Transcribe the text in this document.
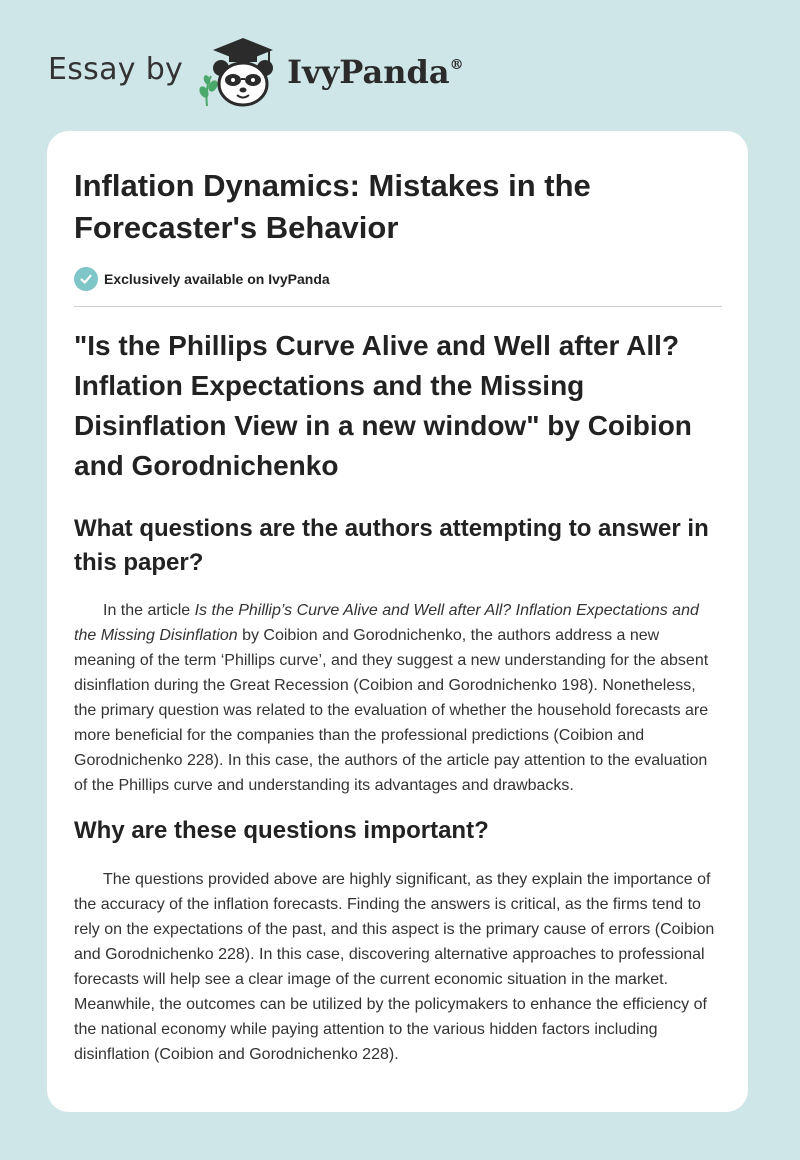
Essay by	IvyPanda®
Inflation Dynamics: Mistakes in the Forecaster's Behavior
Exclusively available on IvyPanda
"Is the Phillips Curve Alive and Well after All? Inflation Expectations and the Missing Disinflation View in a new window" by Coibion and Gorodnichenko
What questions are the authors attempting to answer in this paper?

In the article Is the Phillip’s Curve Alive and Well after All? Inflation Expectations and the Missing Disinflation by Coibion and Gorodnichenko, the authors address a new meaning of the term ‘Phillips curve’, and they suggest a new understanding for the absent disinflation during the Great Recession (Coibion and Gorodnichenko 198). Nonetheless, the primary question was related to the evaluation of whether the household forecasts are more beneficial for the companies than the professional predictions (Coibion and Gorodnichenko 228). In this case, the authors of the article pay attention to the evaluation of the Phillips curve and understanding its advantages and drawbacks.

Why are these questions important?

The questions provided above are highly significant, as they explain the importance of the accuracy of the inflation forecasts. Finding the answers is critical, as the firms tend to rely on the expectations of the past, and this aspect is the primary cause of errors (Coibion and Gorodnichenko 228). In this case, discovering alternative approaches to professional forecasts will help see a clear image of the current economic situation in the market. Meanwhile, the outcomes can be utilized by the policymakers to enhance the efficiency of the national economy while paying attention to the various hidden factors including disinflation (Coibion and Gorodnichenko 228).
